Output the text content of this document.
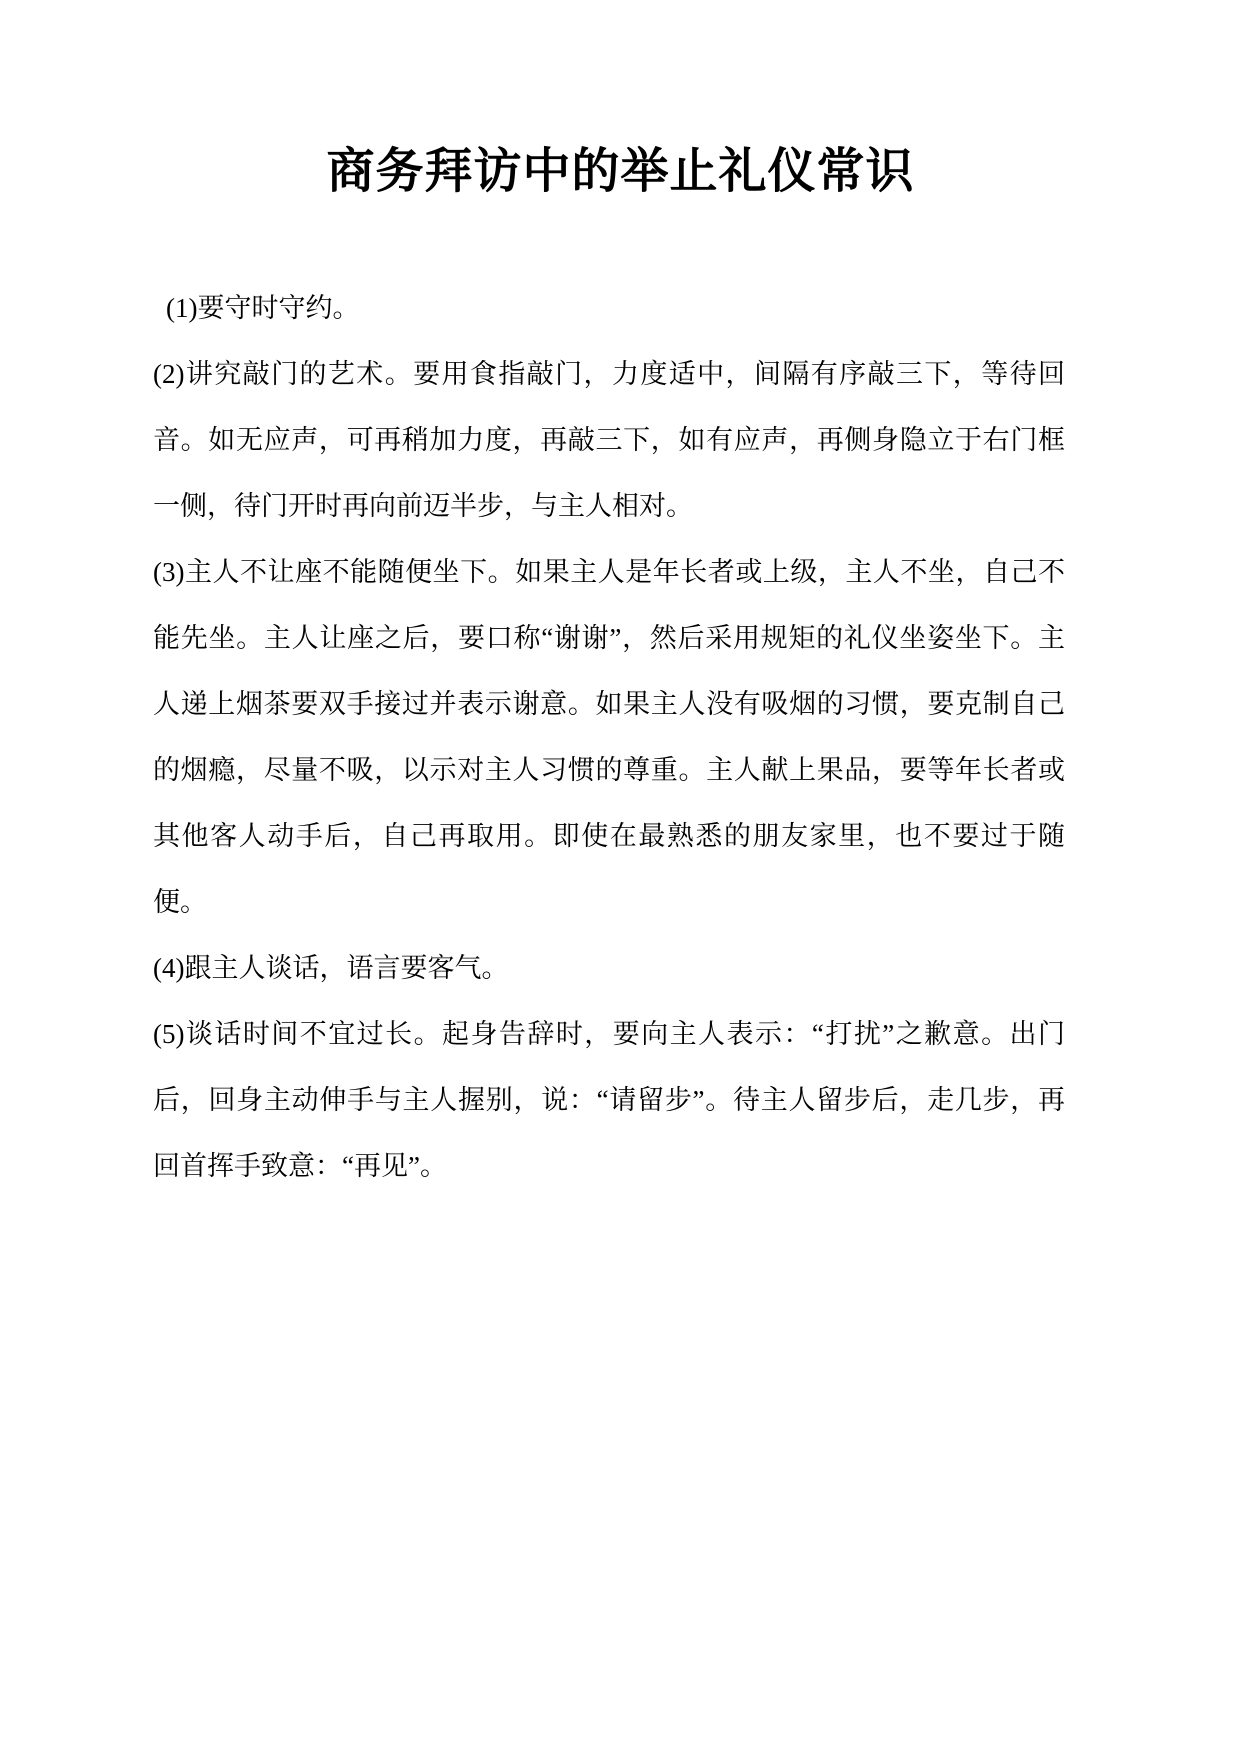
商务拜访中的举止礼仪常识

(1)要守时守约。

(2)讲究敲门的艺术。要用食指敲门，力度适中，间隔有序敲三下，等待回音。如无应声，可再稍加力度，再敲三下，如有应声，再侧身隐立于右门框一侧，待门开时再向前迈半步，与主人相对。

(3)主人不让座不能随便坐下。如果主人是年长者或上级，主人不坐，自己不能先坐。主人让座之后，要口称“谢谢”，然后采用规矩的礼仪坐姿坐下。主人递上烟茶要双手接过并表示谢意。如果主人没有吸烟的习惯，要克制自己的烟瘾，尽量不吸，以示对主人习惯的尊重。主人献上果品，要等年长者或其他客人动手后，自己再取用。即使在最熟悉的朋友家里，也不要过于随便。

(4)跟主人谈话，语言要客气。

(5)谈话时间不宜过长。起身告辞时，要向主人表示：“打扰”之歉意。出门后，回身主动伸手与主人握别，说：“请留步”。待主人留步后，走几步，再回首挥手致意：“再见”。
